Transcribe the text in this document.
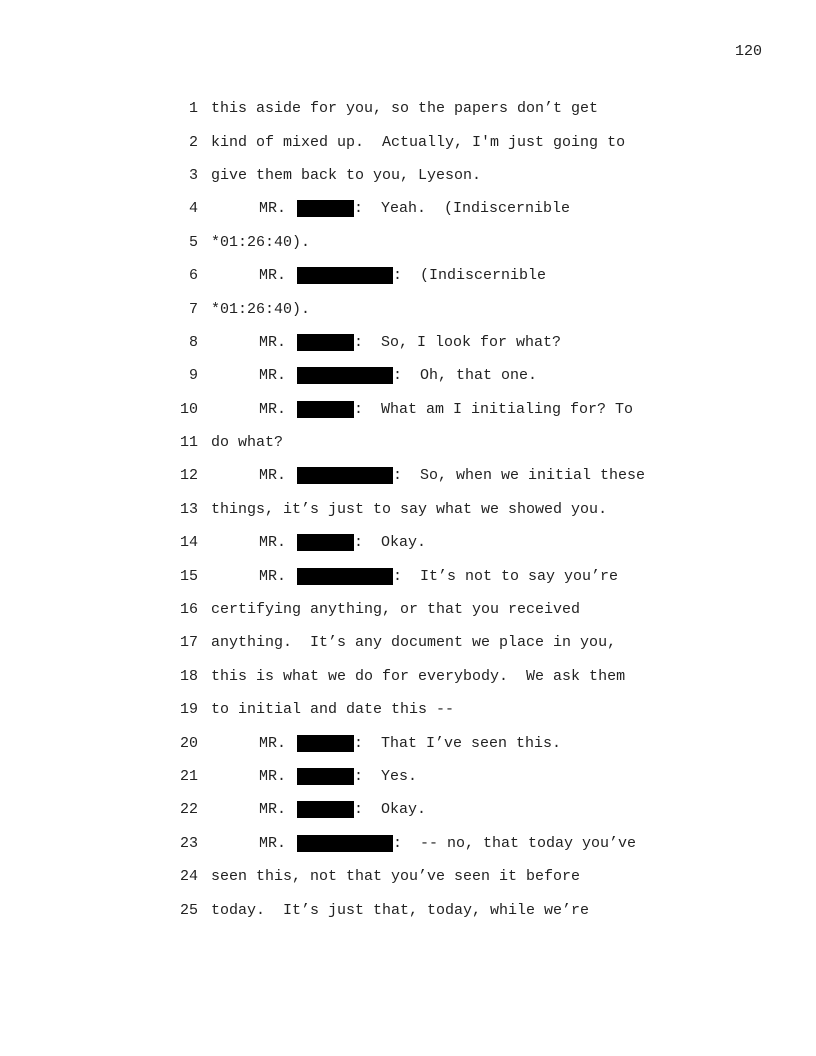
120
1 this aside for you, so the papers don’t get
2 kind of mixed up.  Actually, I'm just going to
3 give them back to you, Lyeson.
4	MR.	:  Yeah.  (Indiscernible
5 *01:26:40).
6	MR.	:  (Indiscernible
7 *01:26:40).
8	MR.	:  So, I look for what?
9	MR.	:  Oh, that one.
10	MR.	:  What am I initialing for? To
11 do what?
12	MR.	:  So, when we initial these
13 things, it’s just to say what we showed you.
14	MR.	:  Okay.
15	MR.	:  It’s not to say you’re
16 certifying anything, or that you received
17 anything.  It’s any document we place in you,
18 this is what we do for everybody.  We ask them
19 to initial and date this --
20	MR.	:  That I’ve seen this.
21	MR.	:  Yes.
22	MR.	:  Okay.
23	MR.	:  -- no, that today you’ve
24 seen this, not that you’ve seen it before
25 today.  It’s just that, today, while we’re
